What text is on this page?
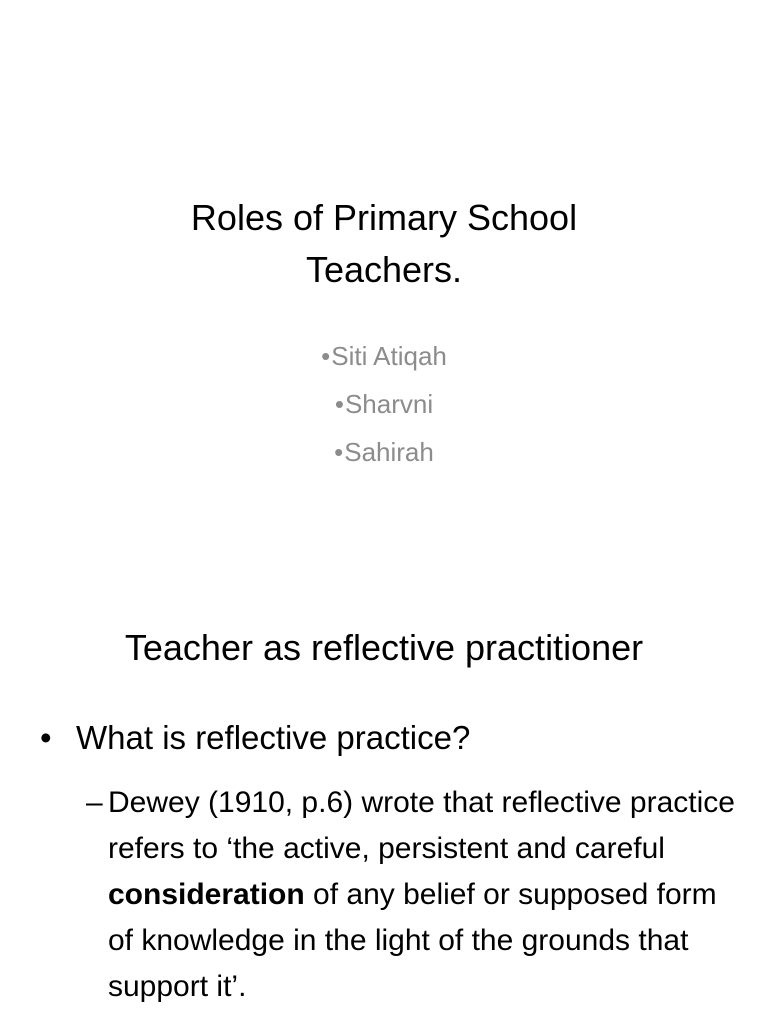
Roles of Primary School
Teachers.
• Siti Atiqah
• Sharvni
• Sahirah
Teacher as reflective practitioner
• What is reflective practice?
– Dewey (1910, p.6) wrote that reflective practice refers to ‘the active, persistent and careful consideration of any belief or supposed form of knowledge in the light of the grounds that support it’.
